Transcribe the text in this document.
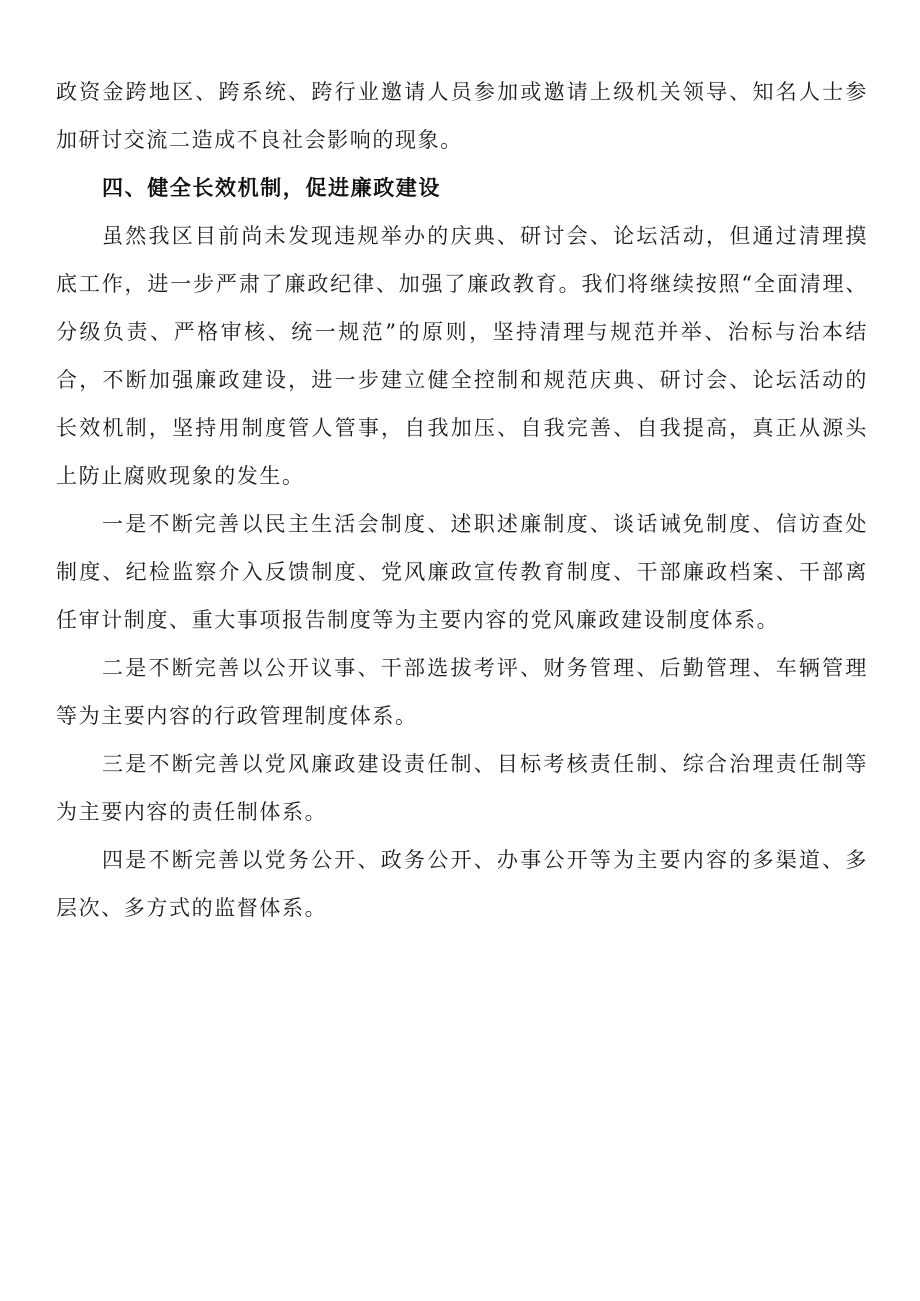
政资金跨地区、跨系统、跨行业邀请人员参加或邀请上级机关领导、知名人士参加研讨交流二造成不良社会影响的现象。

四、健全长效机制，促进廉政建设

虽然我区目前尚未发现违规举办的庆典、研讨会、论坛活动，但通过清理摸底工作，进一步严肃了廉政纪律、加强了廉政教育。我们将继续按照“全面清理、分级负责、严格审核、统一规范”的原则，坚持清理与规范并举、治标与治本结合，不断加强廉政建设，进一步建立健全控制和规范庆典、研讨会、论坛活动的长效机制，坚持用制度管人管事，自我加压、自我完善、自我提高，真正从源头上防止腐败现象的发生。

一是不断完善以民主生活会制度、述职述廉制度、谈话诫免制度、信访查处制度、纪检监察介入反馈制度、党风廉政宣传教育制度、干部廉政档案、干部离任审计制度、重大事项报告制度等为主要内容的党风廉政建设制度体系。

二是不断完善以公开议事、干部选拔考评、财务管理、后勤管理、车辆管理等为主要内容的行政管理制度体系。

三是不断完善以党风廉政建设责任制、目标考核责任制、综合治理责任制等为主要内容的责任制体系。

四是不断完善以党务公开、政务公开、办事公开等为主要内容的多渠道、多层次、多方式的监督体系。
